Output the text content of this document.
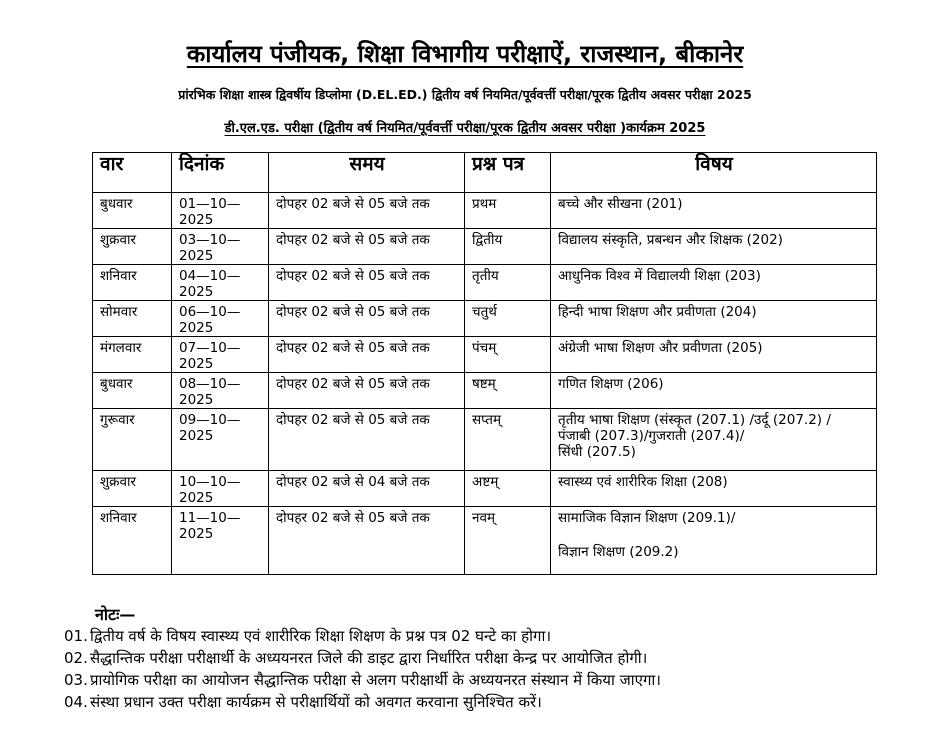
कार्यालय पंजीयक, शिक्षा विभागीय परीक्षाऐं, राजस्थान, बीकानेर
प्रांरभिक शिक्षा शास्त्र द्विवर्षीय डिप्लोमा (D.EL.ED.) द्वितीय वर्ष नियमित/पूर्ववर्त्ती परीक्षा/पूरक द्वितीय अवसर परीक्षा 2025
डी.एल.एड. परीक्षा (द्वितीय वर्ष नियमित/पूर्ववर्त्ती परीक्षा/पूरक द्वितीय अवसर परीक्षा )कार्यक्रम 2025
वार	दिनांक	समय	प्रश्न पत्र	विषय
बुधवार	01—10—2025	दोपहर 02 बजे से 05 बजे तक	प्रथम	बच्चे और सीखना (201)

शुक्रवार	03—10—2025	दोपहर 02 बजे से 05 बजे तक	द्वितीय	विद्यालय संस्कृति, प्रबन्धन और शिक्षक (202)

शनिवार	04—10—2025	दोपहर 02 बजे से 05 बजे तक	तृतीय	आधुनिक विश्व में विद्यालयी शिक्षा (203)

सोमवार	06—10—2025	दोपहर 02 बजे से 05 बजे तक	चतुर्थ	हिन्दी भाषा शिक्षण और प्रवीणता (204)

मंगलवार	07—10—2025	दोपहर 02 बजे से 05 बजे तक	पंचम्	अंग्रेजी भाषा शिक्षण और प्रवीणता (205)

बुधवार	08—10—2025	दोपहर 02 बजे से 05 बजे तक	षष्टम्	गणित शिक्षण (206)

गुरूवार	09—10—2025	दोपहर 02 बजे से 05 बजे तक	सप्तम्	तृतीय भाषा शिक्षण (संस्कृत (207.1) /उर्दू (207.2) /
पंजाबी (207.3)/गुजराती (207.4)/
सिंधी (207.5)

शुक्रवार	10—10—2025	दोपहर 02 बजे से 04 बजे तक	अष्टम्	स्वास्थ्य एवं शारीरिक शिक्षा (208)

शनिवार	11—10—2025	दोपहर 02 बजे से 05 बजे तक	नवम्	सामाजिक विज्ञान शिक्षण (209.1)/
विज्ञान शिक्षण (209.2)
नोटः—
01. द्वितीय वर्ष के विषय स्वास्थ्य एवं शारीरिक शिक्षा शिक्षण के प्रश्न पत्र 02 घन्टे का होगा।
02. सैद्धान्तिक परीक्षा परीक्षार्थी के अध्ययनरत जिले की डाइट द्वारा निर्धारित परीक्षा केन्द्र पर आयोजित होगी।
03. प्रायोगिक परीक्षा का आयोजन सैद्धान्तिक परीक्षा से अलग परीक्षार्थी के अध्ययनरत संस्थान में किया जाएगा।
04. संस्था प्रधान उक्त परीक्षा कार्यक्रम से परीक्षार्थियों को अवगत करवाना सुनिश्चित करें।
